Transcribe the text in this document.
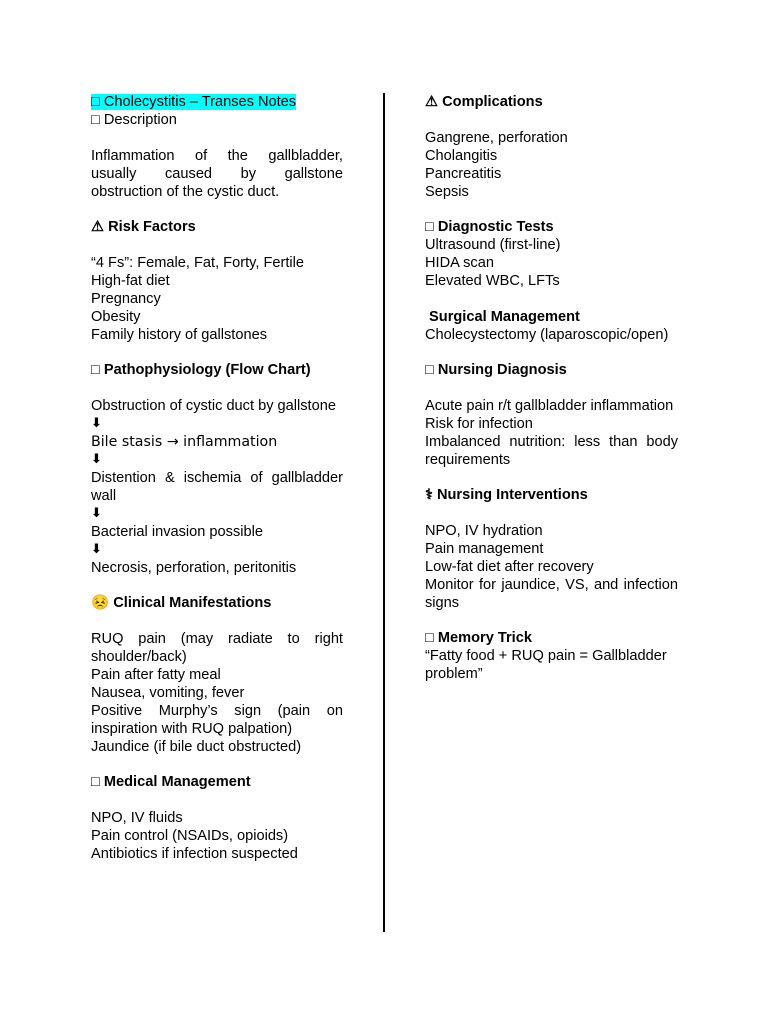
□ Cholecystitis – Transes Notes
□ Description
Inflammation of the gallbladder, usually caused by gallstone obstruction of the cystic duct.
⚠ Risk Factors
“4 Fs”: Female, Fat, Forty, Fertile
High-fat diet
Pregnancy
Obesity
Family history of gallstones
□ Pathophysiology (Flow Chart)
Obstruction of cystic duct by gallstone
⬇
Bile stasis → inflammation
⬇
Distention & ischemia of gallbladder wall
⬇
Bacterial invasion possible
⬇
Necrosis, perforation, peritonitis
😣 Clinical Manifestations
RUQ pain (may radiate to right shoulder/back)
Pain after fatty meal
Nausea, vomiting, fever
Positive Murphy’s sign (pain on inspiration with RUQ palpation)
Jaundice (if bile duct obstructed)
□ Medical Management
NPO, IV fluids
Pain control (NSAIDs, opioids)
Antibiotics if infection suspected
⚠ Complications
Gangrene, perforation
Cholangitis
Pancreatitis
Sepsis
□ Diagnostic Tests
Ultrasound (first-line)
HIDA scan
Elevated WBC, LFTs
Surgical Management
Cholecystectomy (laparoscopic/open)
□ Nursing Diagnosis
Acute pain r/t gallbladder inflammation
Risk for infection
Imbalanced nutrition: less than body requirements
⚕ Nursing Interventions
NPO, IV hydration
Pain management
Low-fat diet after recovery
Monitor for jaundice, VS, and infection signs
□ Memory Trick
“Fatty food + RUQ pain = Gallbladder problem”
